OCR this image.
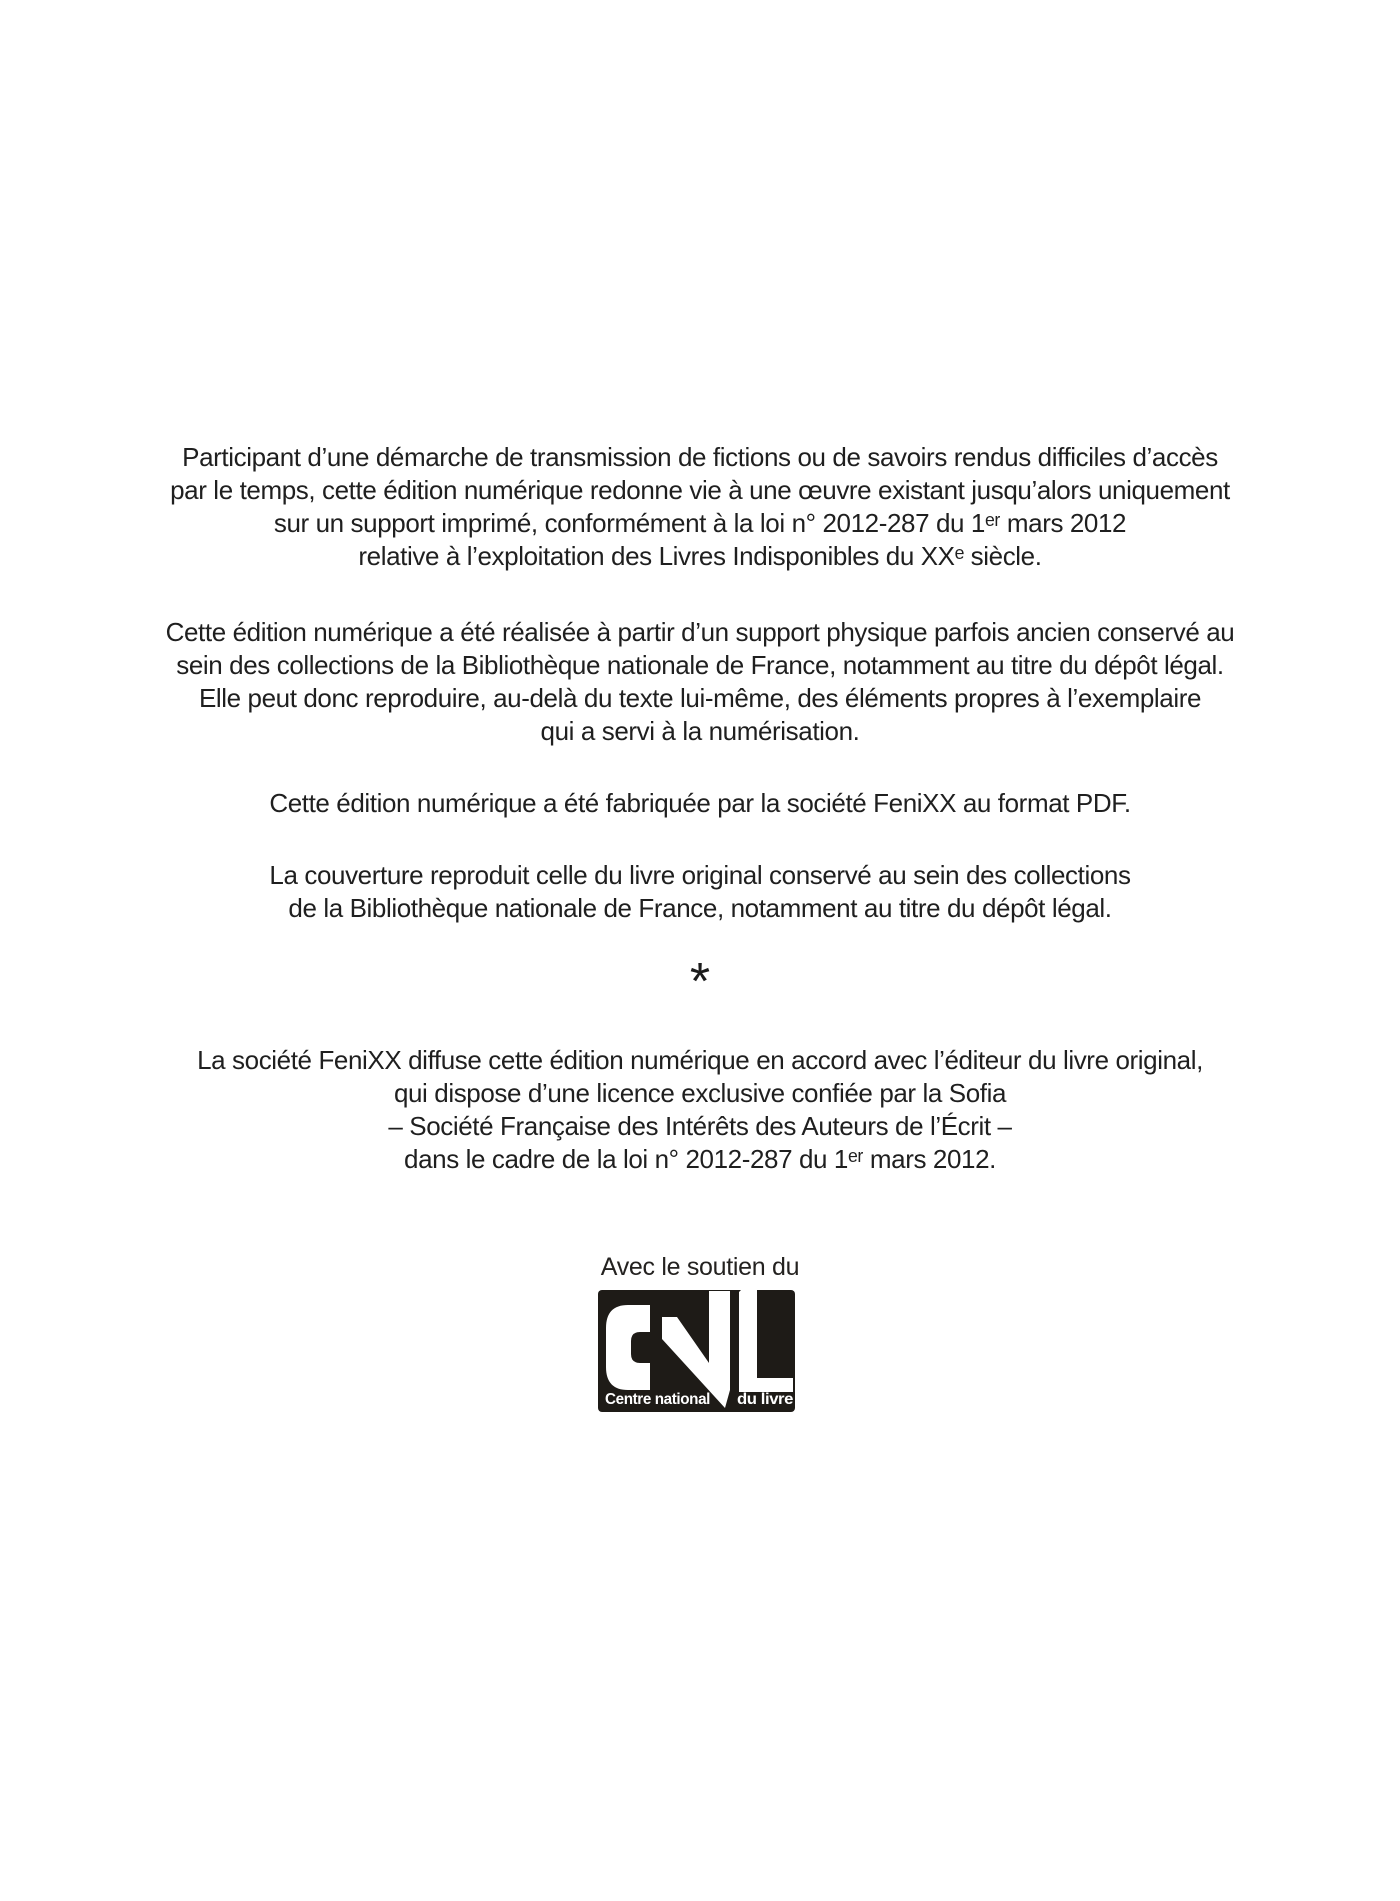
Participant d’une démarche de transmission de fictions ou de savoirs rendus difficiles d’accès
par le temps, cette édition numérique redonne vie à une œuvre existant jusqu’alors uniquement
sur un support imprimé, conformément à la loi n° 2012-287 du 1ᵉʳ mars 2012
relative à l’exploitation des Livres Indisponibles du XXᵉ siècle.
Cette édition numérique a été réalisée à partir d’un support physique parfois ancien conservé au
sein des collections de la Bibliothèque nationale de France, notamment au titre du dépôt légal.
Elle peut donc reproduire, au-delà du texte lui-même, des éléments propres à l’exemplaire
qui a servi à la numérisation.
Cette édition numérique a été fabriquée par la société FeniXX au format PDF.
La couverture reproduit celle du livre original conservé au sein des collections
de la Bibliothèque nationale de France, notamment au titre du dépôt légal.
*
La société FeniXX diffuse cette édition numérique en accord avec l’éditeur du livre original,
qui dispose d’une licence exclusive confiée par la Sofia
– Société Française des Intérêts des Auteurs de l’Écrit –
dans le cadre de la loi n° 2012-287 du 1ᵉʳ mars 2012.
Avec le soutien du
Centre national du livre
